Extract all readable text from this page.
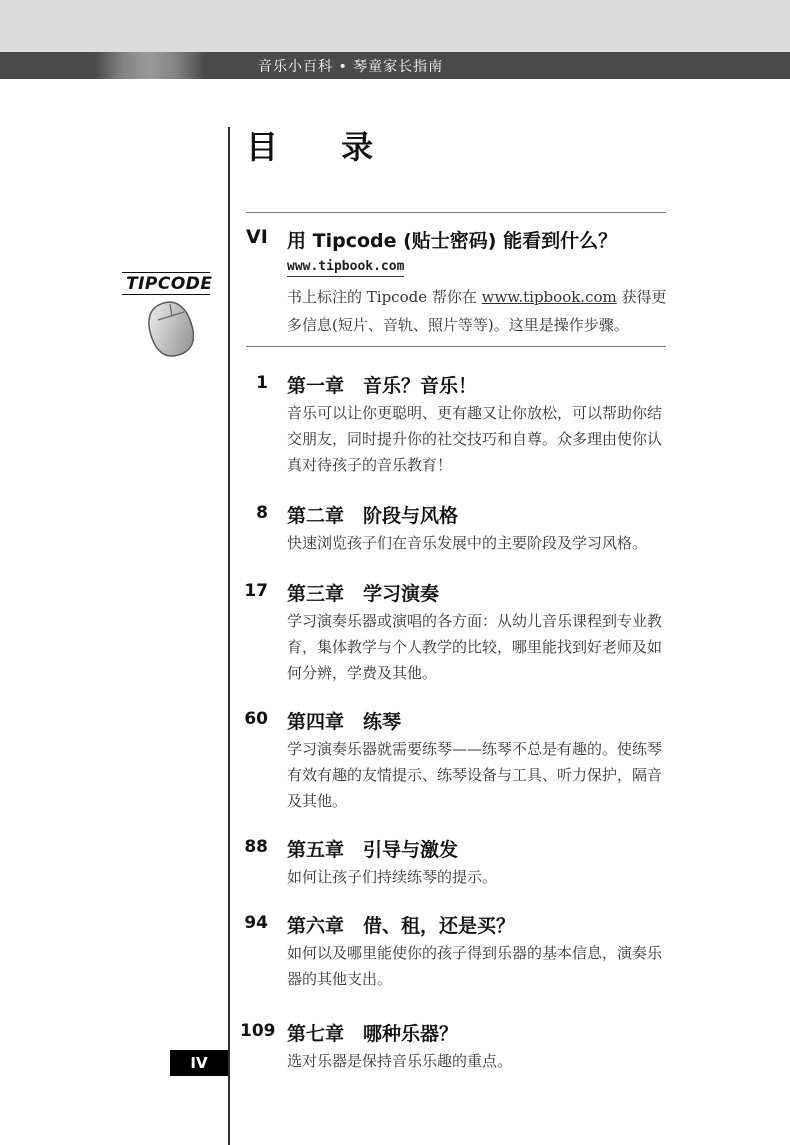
音乐小百科 • 琴童家长指南
目 录
VI 用 Tipcode (贴士密码) 能看到什么？
www.tipbook.com
书上标注的 Tipcode 帮你在 www.tipbook.com 获得更多信息(短片、音轨、照片等等)。这里是操作步骤。
TIPCODE
1 第一章　音乐？音乐！
音乐可以让你更聪明、更有趣又让你放松，可以帮助你结交朋友，同时提升你的社交技巧和自尊。众多理由使你认真对待孩子的音乐教育！
8 第二章　阶段与风格
快速浏览孩子们在音乐发展中的主要阶段及学习风格。
17 第三章　学习演奏
学习演奏乐器或演唱的各方面：从幼儿音乐课程到专业教育，集体教学与个人教学的比较，哪里能找到好老师及如何分辨，学费及其他。
60 第四章　练琴
学习演奏乐器就需要练琴——练琴不总是有趣的。使练琴有效有趣的友情提示、练琴设备与工具、听力保护，隔音及其他。
88 第五章　引导与激发
如何让孩子们持续练琴的提示。
94 第六章　借、租，还是买？
如何以及哪里能使你的孩子得到乐器的基本信息，演奏乐器的其他支出。
109 第七章　哪种乐器？
选对乐器是保持音乐乐趣的重点。
IV
